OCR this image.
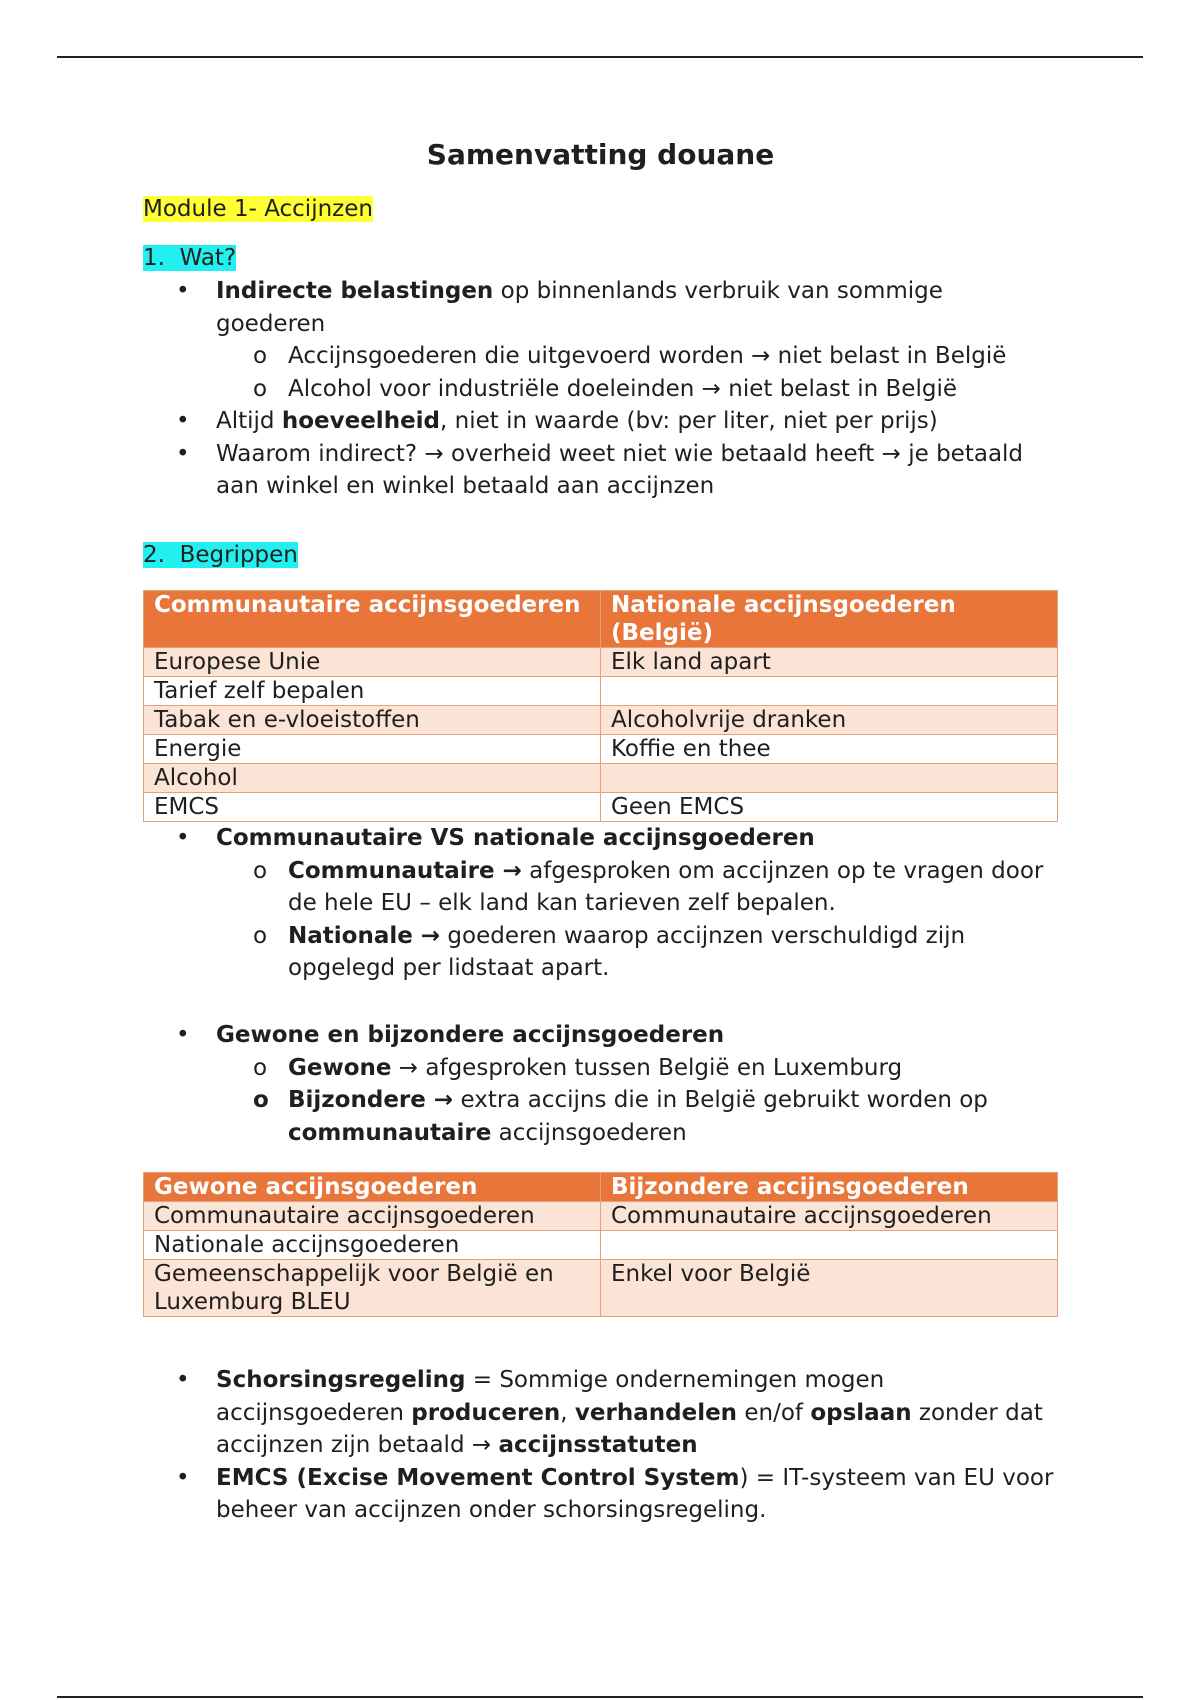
Samenvatting douane
Module 1- Accijnzen
1.  Wat?
• Indirecte belastingen op binnenlands verbruik van sommige goederen
o Accijnsgoederen die uitgevoerd worden → niet belast in België
o Alcohol voor industriële doeleinden → niet belast in België
• Altijd hoeveelheid, niet in waarde (bv: per liter, niet per prijs)
• Waarom indirect? → overheid weet niet wie betaald heeft → je betaald aan winkel en winkel betaald aan accijnzen
2.  Begrippen
Communautaire accijnsgoederen	Nationale accijnsgoederen (België)
Europese Unie	Elk land apart
Tarief zelf bepalen	
Tabak en e-vloeistoffen	Alcoholvrije dranken
Energie	Koffie en thee
Alcohol	
EMCS	Geen EMCS
• Communautaire VS nationale accijnsgoederen
o Communautaire → afgesproken om accijnzen op te vragen door de hele EU – elk land kan tarieven zelf bepalen.
o Nationale → goederen waarop accijnzen verschuldigd zijn opgelegd per lidstaat apart.
• Gewone en bijzondere accijnsgoederen
o Gewone → afgesproken tussen België en Luxemburg
o Bijzondere → extra accijns die in België gebruikt worden op communautaire accijnsgoederen
Gewone accijnsgoederen	Bijzondere accijnsgoederen
Communautaire accijnsgoederen	Communautaire accijnsgoederen
Nationale accijnsgoederen	
Gemeenschappelijk voor België en Luxemburg BLEU	Enkel voor België
• Schorsingsregeling = Sommige ondernemingen mogen accijnsgoederen produceren, verhandelen en/of opslaan zonder dat accijnzen zijn betaald → accijnsstatuten
• EMCS (Excise Movement Control System) = IT-systeem van EU voor beheer van accijnzen onder schorsingsregeling.
